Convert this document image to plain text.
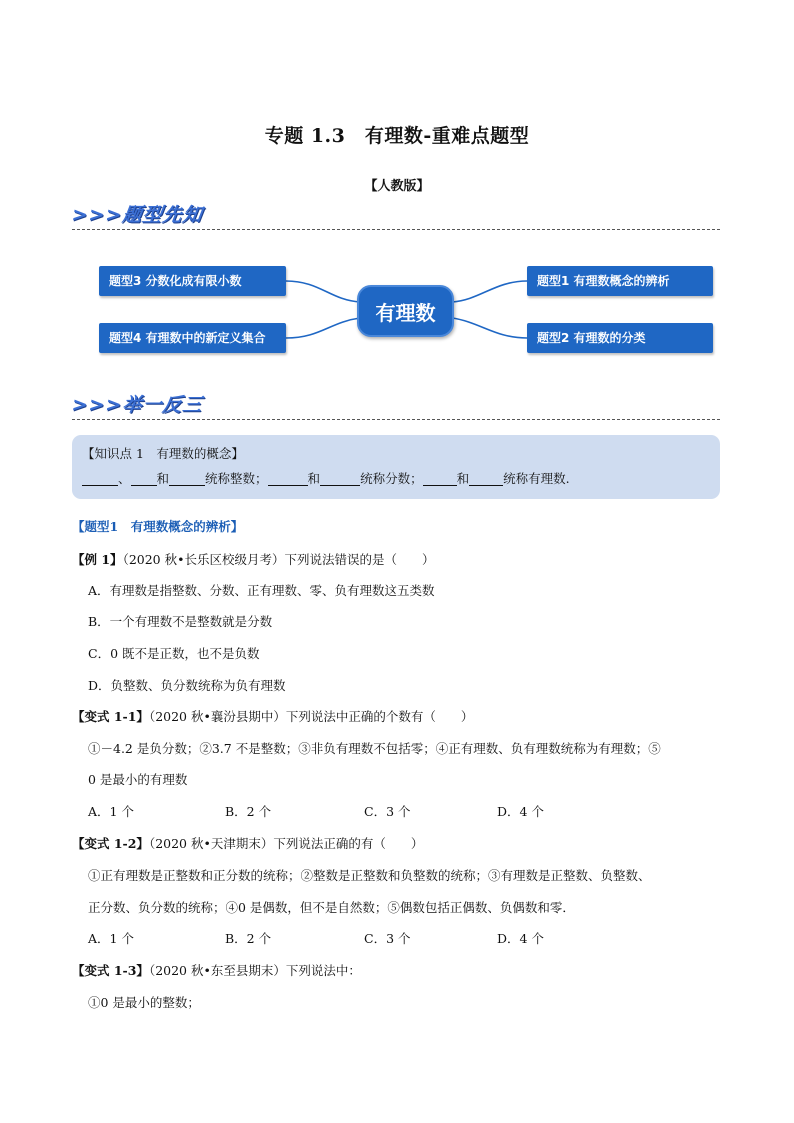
专题 1.3　有理数-重难点题型
【人教版】
>>>题型先知
题型3 分数化成有限小数
题型4 有理数中的新定义集合
题型1 有理数概念的辨析
题型2 有理数的分类
有理数
>>>举一反三
【知识点 1　有理数的概念】
、 和	统称整数；	和	统称分数；	和	统称有理数.
【题型1　有理数概念的辨析】
【例 1】（2020 秋•长乐区校级月考）下列说法错误的是（　　）
A．有理数是指整数、分数、正有理数、零、负有理数这五类数
B．一个有理数不是整数就是分数
C．0 既不是正数，也不是负数
D．负整数、负分数统称为负有理数
【变式 1-1】（2020 秋•襄汾县期中）下列说法中正确的个数有（　　）
①－4.2 是负分数；②3.7 不是整数；③非负有理数不包括零；④正有理数、负有理数统称为有理数；⑤
0 是最小的有理数
A．1 个	B．2 个	C．3 个	D．4 个
【变式 1-2】（2020 秋•天津期末）下列说法正确的有（　　）
①正有理数是正整数和正分数的统称；②整数是正整数和负整数的统称；③有理数是正整数、负整数、
正分数、负分数的统称；④0 是偶数，但不是自然数；⑤偶数包括正偶数、负偶数和零．
A．1 个	B．2 个	C．3 个	D．4 个
【变式 1-3】（2020 秋•东至县期末）下列说法中：
①0 是最小的整数；
